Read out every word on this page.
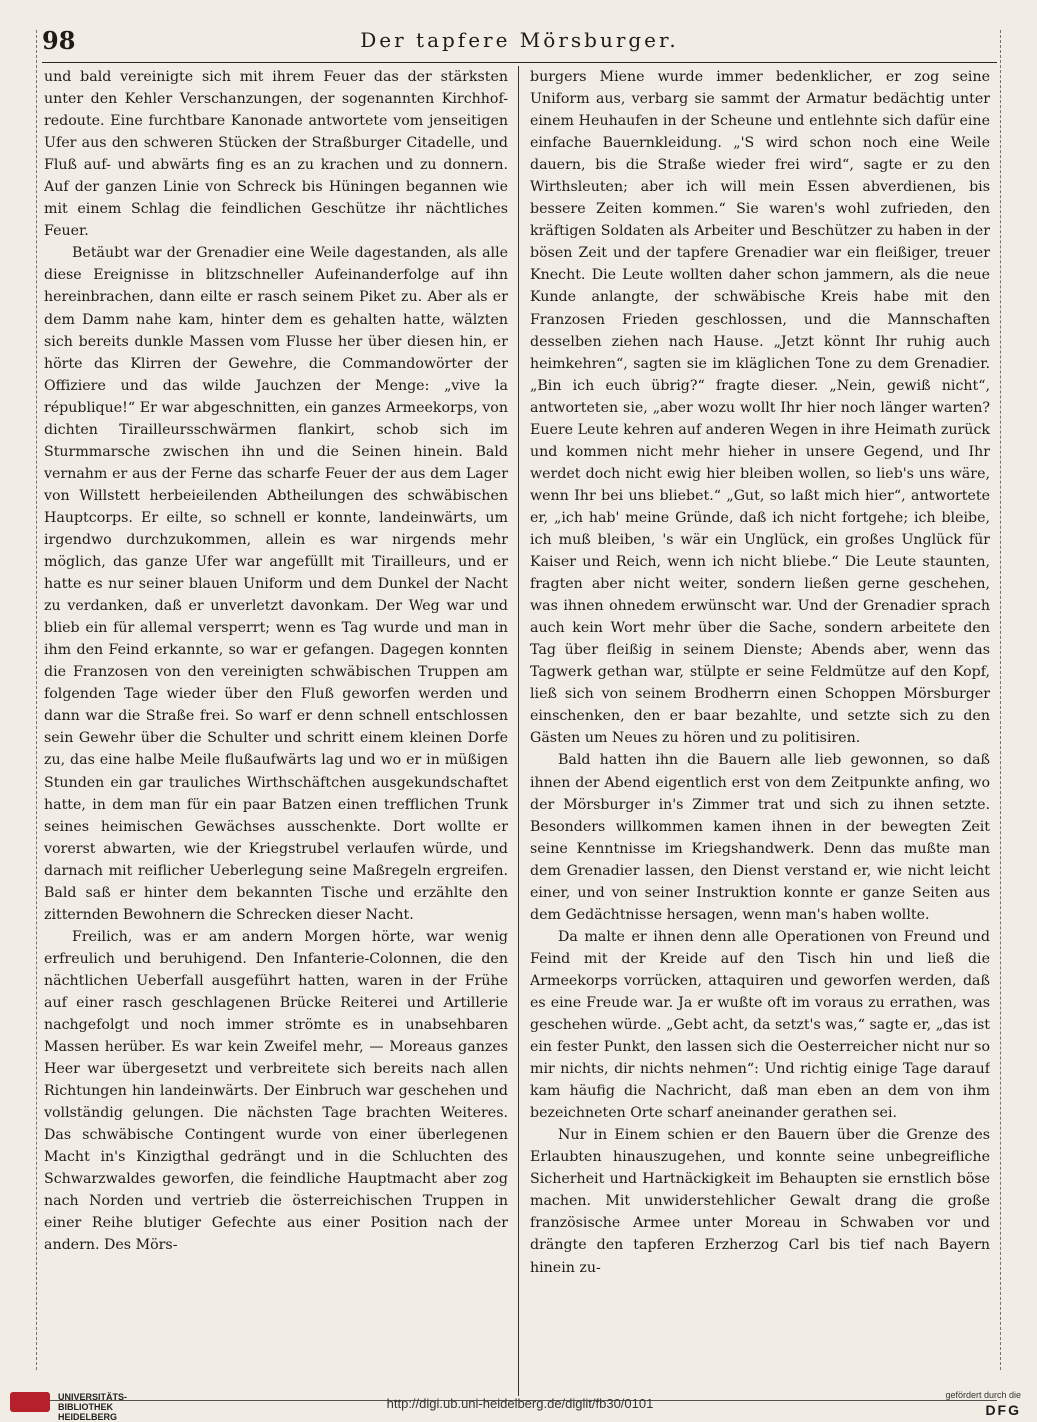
98	Der tapfere Mörsburger.

und bald vereinigte sich mit ihrem Feuer das der stärksten unter den Kehler Verschanzungen, der sogenannten Kirchhof-redoute. Eine furchtbare Kanonade antwortete vom jenseitigen Ufer aus den schweren Stücken der Straßburger Citadelle, und Fluß auf- und abwärts fing es an zu krachen und zu donnern. Auf der ganzen Linie von Schreck bis Hüningen begannen wie mit einem Schlag die feindlichen Geschütze ihr nächtliches Feuer.

Betäubt war der Grenadier eine Weile dagestanden, als alle diese Ereignisse in blitzschneller Aufeinanderfolge auf ihn hereinbrachen, dann eilte er rasch seinem Piket zu. Aber als er dem Damm nahe kam, hinter dem es gehalten hatte, wälzten sich bereits dunkle Massen vom Flusse her über diesen hin, er hörte das Klirren der Gewehre, die Commandowörter der Offiziere und das wilde Jauchzen der Menge: „vive la république!“ Er war abgeschnitten, ein ganzes Armeekorps, von dichten Tirailleursschwärmen flankirt, schob sich im Sturmmarsche zwischen ihn und die Seinen hinein. Bald vernahm er aus der Ferne das scharfe Feuer der aus dem Lager von Willstett herbeieilenden Abtheilungen des schwäbischen Hauptcorps. Er eilte, so schnell er konnte, landeinwärts, um irgendwo durchzukommen, allein es war nirgends mehr möglich, das ganze Ufer war angefüllt mit Tirailleurs, und er hatte es nur seiner blauen Uniform und dem Dunkel der Nacht zu verdanken, daß er unverletzt davonkam. Der Weg war und blieb ein für allemal versperrt; wenn es Tag wurde und man in ihm den Feind erkannte, so war er gefangen. Dagegen konnten die Franzosen von den vereinigten schwäbischen Truppen am folgenden Tage wieder über den Fluß geworfen werden und dann war die Straße frei. So warf er denn schnell entschlossen sein Gewehr über die Schulter und schritt einem kleinen Dorfe zu, das eine halbe Meile flußaufwärts lag und wo er in müßigen Stunden ein gar trauliches Wirthschäftchen ausgekundschaftet hatte, in dem man für ein paar Batzen einen trefflichen Trunk seines heimischen Gewächses ausschenkte. Dort wollte er vorerst abwarten, wie der Kriegstrubel verlaufen würde, und darnach mit reiflicher Ueberlegung seine Maßregeln ergreifen. Bald saß er hinter dem bekannten Tische und erzählte den zitternden Bewohnern die Schrecken dieser Nacht.

Freilich, was er am andern Morgen hörte, war wenig erfreulich und beruhigend. Den Infanterie-Colonnen, die den nächtlichen Ueberfall ausgeführt hatten, waren in der Frühe auf einer rasch geschlagenen Brücke Reiterei und Artillerie nachgefolgt und noch immer strömte es in unabsehbaren Massen herüber. Es war kein Zweifel mehr, — Moreaus ganzes Heer war übergesetzt und verbreitete sich bereits nach allen Richtungen hin landeinwärts. Der Einbruch war geschehen und vollständig gelungen. Die nächsten Tage brachten Weiteres. Das schwäbische Contingent wurde von einer überlegenen Macht in's Kinzigthal gedrängt und in die Schluchten des Schwarzwaldes geworfen, die feindliche Hauptmacht aber zog nach Norden und vertrieb die österreichischen Truppen in einer Reihe blutiger Gefechte aus einer Position nach der andern. Des Mörs-

burgers Miene wurde immer bedenklicher, er zog seine Uniform aus, verbarg sie sammt der Armatur bedächtig unter einem Heuhaufen in der Scheune und entlehnte sich dafür eine einfache Bauernkleidung. „'S wird schon noch eine Weile dauern, bis die Straße wieder frei wird“, sagte er zu den Wirthsleuten; aber ich will mein Essen abverdienen, bis bessere Zeiten kommen.“ Sie waren's wohl zufrieden, den kräftigen Soldaten als Arbeiter und Beschützer zu haben in der bösen Zeit und der tapfere Grenadier war ein fleißiger, treuer Knecht. Die Leute wollten daher schon jammern, als die neue Kunde anlangte, der schwäbische Kreis habe mit den Franzosen Frieden geschlossen, und die Mannschaften desselben ziehen nach Hause. „Jetzt könnt Ihr ruhig auch heimkehren“, sagten sie im kläglichen Tone zu dem Grenadier. „Bin ich euch übrig?“ fragte dieser. „Nein, gewiß nicht“, antworteten sie, „aber wozu wollt Ihr hier noch länger warten? Euere Leute kehren auf anderen Wegen in ihre Heimath zurück und kommen nicht mehr hieher in unsere Gegend, und Ihr werdet doch nicht ewig hier bleiben wollen, so lieb's uns wäre, wenn Ihr bei uns bliebet.“ „Gut, so laßt mich hier“, antwortete er, „ich hab' meine Gründe, daß ich nicht fortgehe; ich bleibe, ich muß bleiben, 's wär ein Unglück, ein großes Unglück für Kaiser und Reich, wenn ich nicht bliebe.“ Die Leute staunten, fragten aber nicht weiter, sondern ließen gerne geschehen, was ihnen ohnedem erwünscht war. Und der Grenadier sprach auch kein Wort mehr über die Sache, sondern arbeitete den Tag über fleißig in seinem Dienste; Abends aber, wenn das Tagwerk gethan war, stülpte er seine Feldmütze auf den Kopf, ließ sich von seinem Brodherrn einen Schoppen Mörsburger einschenken, den er baar bezahlte, und setzte sich zu den Gästen um Neues zu hören und zu politisiren.

Bald hatten ihn die Bauern alle lieb gewonnen, so daß ihnen der Abend eigentlich erst von dem Zeitpunkte anfing, wo der Mörsburger in's Zimmer trat und sich zu ihnen setzte. Besonders willkommen kamen ihnen in der bewegten Zeit seine Kenntnisse im Kriegshandwerk. Denn das mußte man dem Grenadier lassen, den Dienst verstand er, wie nicht leicht einer, und von seiner Instruktion konnte er ganze Seiten aus dem Gedächtnisse hersagen, wenn man's haben wollte.

Da malte er ihnen denn alle Operationen von Freund und Feind mit der Kreide auf den Tisch hin und ließ die Armeekorps vorrücken, attaquiren und geworfen werden, daß es eine Freude war. Ja er wußte oft im voraus zu errathen, was geschehen würde. „Gebt acht, da setzt's was,“ sagte er, „das ist ein fester Punkt, den lassen sich die Oesterreicher nicht nur so mir nichts, dir nichts nehmen“: Und richtig einige Tage darauf kam häufig die Nachricht, daß man eben an dem von ihm bezeichneten Orte scharf aneinander gerathen sei.

Nur in Einem schien er den Bauern über die Grenze des Erlaubten hinauszugehen, und konnte seine unbegreifliche Sicherheit und Hartnäckigkeit im Behaupten sie ernstlich böse machen. Mit unwiderstehlicher Gewalt drang die große französische Armee unter Moreau in Schwaben vor und drängte den tapferen Erzherzog Carl bis tief nach Bayern hinein zu-

UNIVERSITÄTS-
BIBLIOTHEK
HEIDELBERG
http://digi.ub.uni-heidelberg.de/diglit/fb30/0101
gefördert durch die
DFG
